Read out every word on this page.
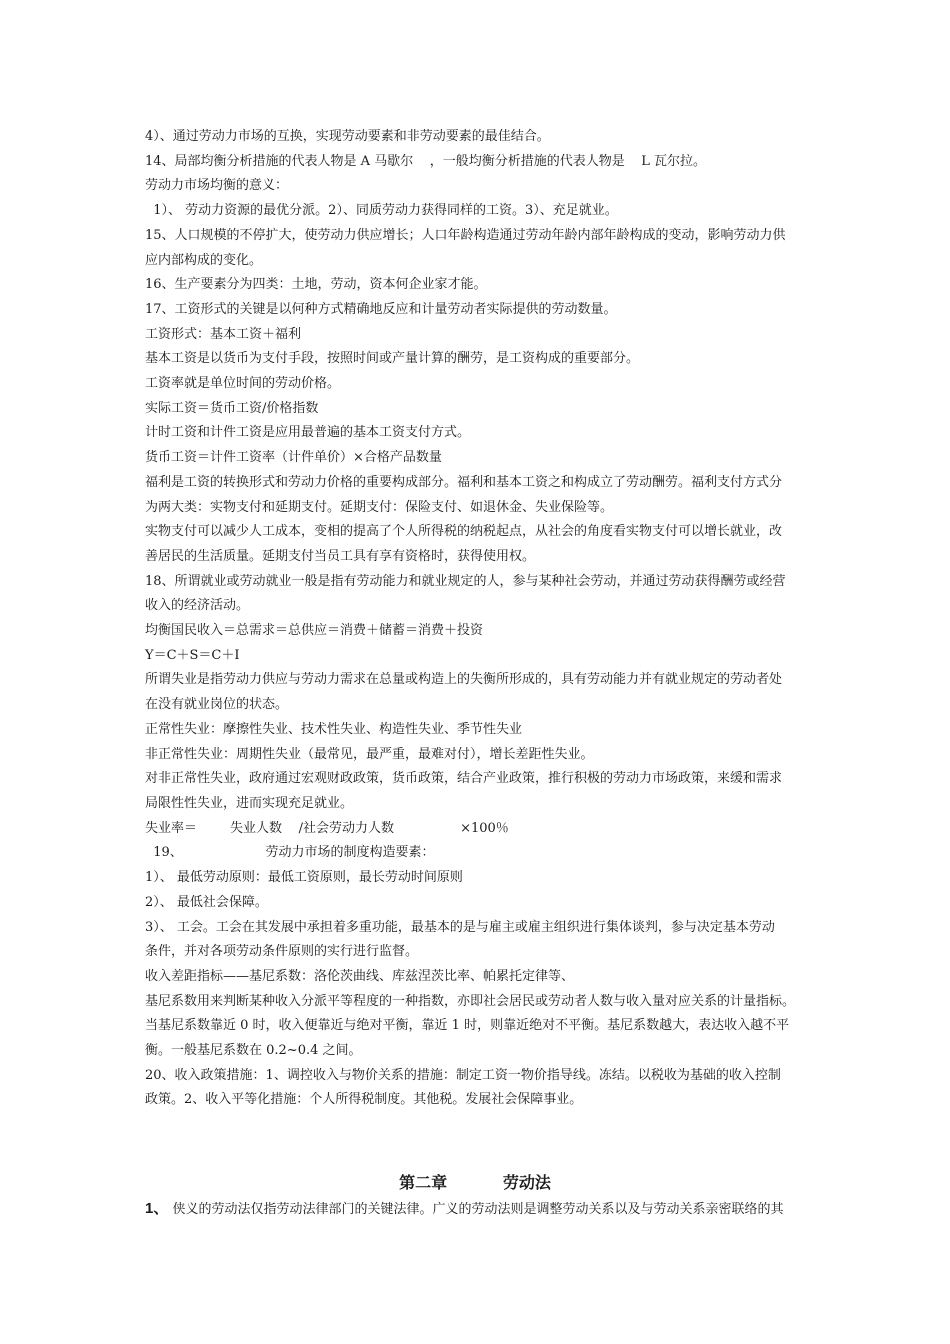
4）、通过劳动力市场的互换，实现劳动要素和非劳动要素的最佳结合。

14、局部均衡分析措施的代表人物是 A 马歇尔    ，一般均衡分析措施的代表人物是    L 瓦尔拉。

劳动力市场均衡的意义：

1）、 劳动力资源的最优分派。2）、同质劳动力获得同样的工资。3）、充足就业。

15、人口规模的不停扩大，使劳动力供应增长；人口年龄构造通过劳动年龄内部年龄构成的变动，影响劳动力供

应内部构成的变化。

16、生产要素分为四类：土地，劳动，资本何企业家才能。

17、工资形式的关键是以何种方式精确地反应和计量劳动者实际提供的劳动数量。

工资形式：基本工资＋福利

基本工资是以货币为支付手段，按照时间或产量计算的酬劳，是工资构成的重要部分。

工资率就是单位时间的劳动价格。

实际工资＝货币工资/价格指数

计时工资和计件工资是应用最普遍的基本工资支付方式。

货币工资＝计件工资率（计件单价）×合格产品数量

福利是工资的转换形式和劳动力价格的重要构成部分。福利和基本工资之和构成立了劳动酬劳。福利支付方式分

为两大类：实物支付和延期支付。延期支付：保险支付、如退休金、失业保险等。

实物支付可以减少人工成本，变相的提高了个人所得税的纳税起点，从社会的角度看实物支付可以增长就业，改

善居民的生活质量。延期支付当员工具有享有资格时，获得使用权。

18、所谓就业或劳动就业一般是指有劳动能力和就业规定的人，参与某种社会劳动，并通过劳动获得酬劳或经营

收入的经济活动。

均衡国民收入＝总需求＝总供应＝消费＋储蓄＝消费＋投资

Y＝C＋S＝C＋I

所谓失业是指劳动力供应与劳动力需求在总量或构造上的失衡所形成的，具有劳动能力并有就业规定的劳动者处

在没有就业岗位的状态。

正常性失业：摩擦性失业、技术性失业、构造性失业、季节性失业

非正常性失业：周期性失业（最常见，最严重，最难对付），增长差距性失业。

对非正常性失业，政府通过宏观财政政策，货币政策，结合产业政策，推行积极的劳动力市场政策，来缓和需求

局限性性失业，进而实现充足就业。

失业率＝        失业人数    /社会劳动力人数                ×100％

19、                    劳动力市场的制度构造要素：

1）、 最低劳动原则：最低工资原则，最长劳动时间原则

2）、 最低社会保障。

3）、 工会。工会在其发展中承担着多重功能，最基本的是与雇主或雇主组织进行集体谈判，参与决定基本劳动

条件，并对各项劳动条件原则的实行进行监督。

收入差距指标——基尼系数：洛伦茨曲线、库兹涅茨比率、帕累托定律等、

基尼系数用来判断某种收入分派平等程度的一种指数，亦即社会居民或劳动者人数与收入量对应关系的计量指标。

当基尼系数靠近 0 时，收入便靠近与绝对平衡，靠近 1 时，则靠近绝对不平衡。基尼系数越大，表达收入越不平

衡。一般基尼系数在 0.2~0.4 之间。

20、收入政策措施：1、调控收入与物价关系的措施：制定工资一物价指导线。冻结。以税收为基础的收入控制

政策。2、收入平等化措施：个人所得税制度。其他税。发展社会保障事业。

第二章          劳动法
1、 侠义的劳动法仅指劳动法律部门的关键法律。广义的劳动法则是调整劳动关系以及与劳动关系亲密联络的其
